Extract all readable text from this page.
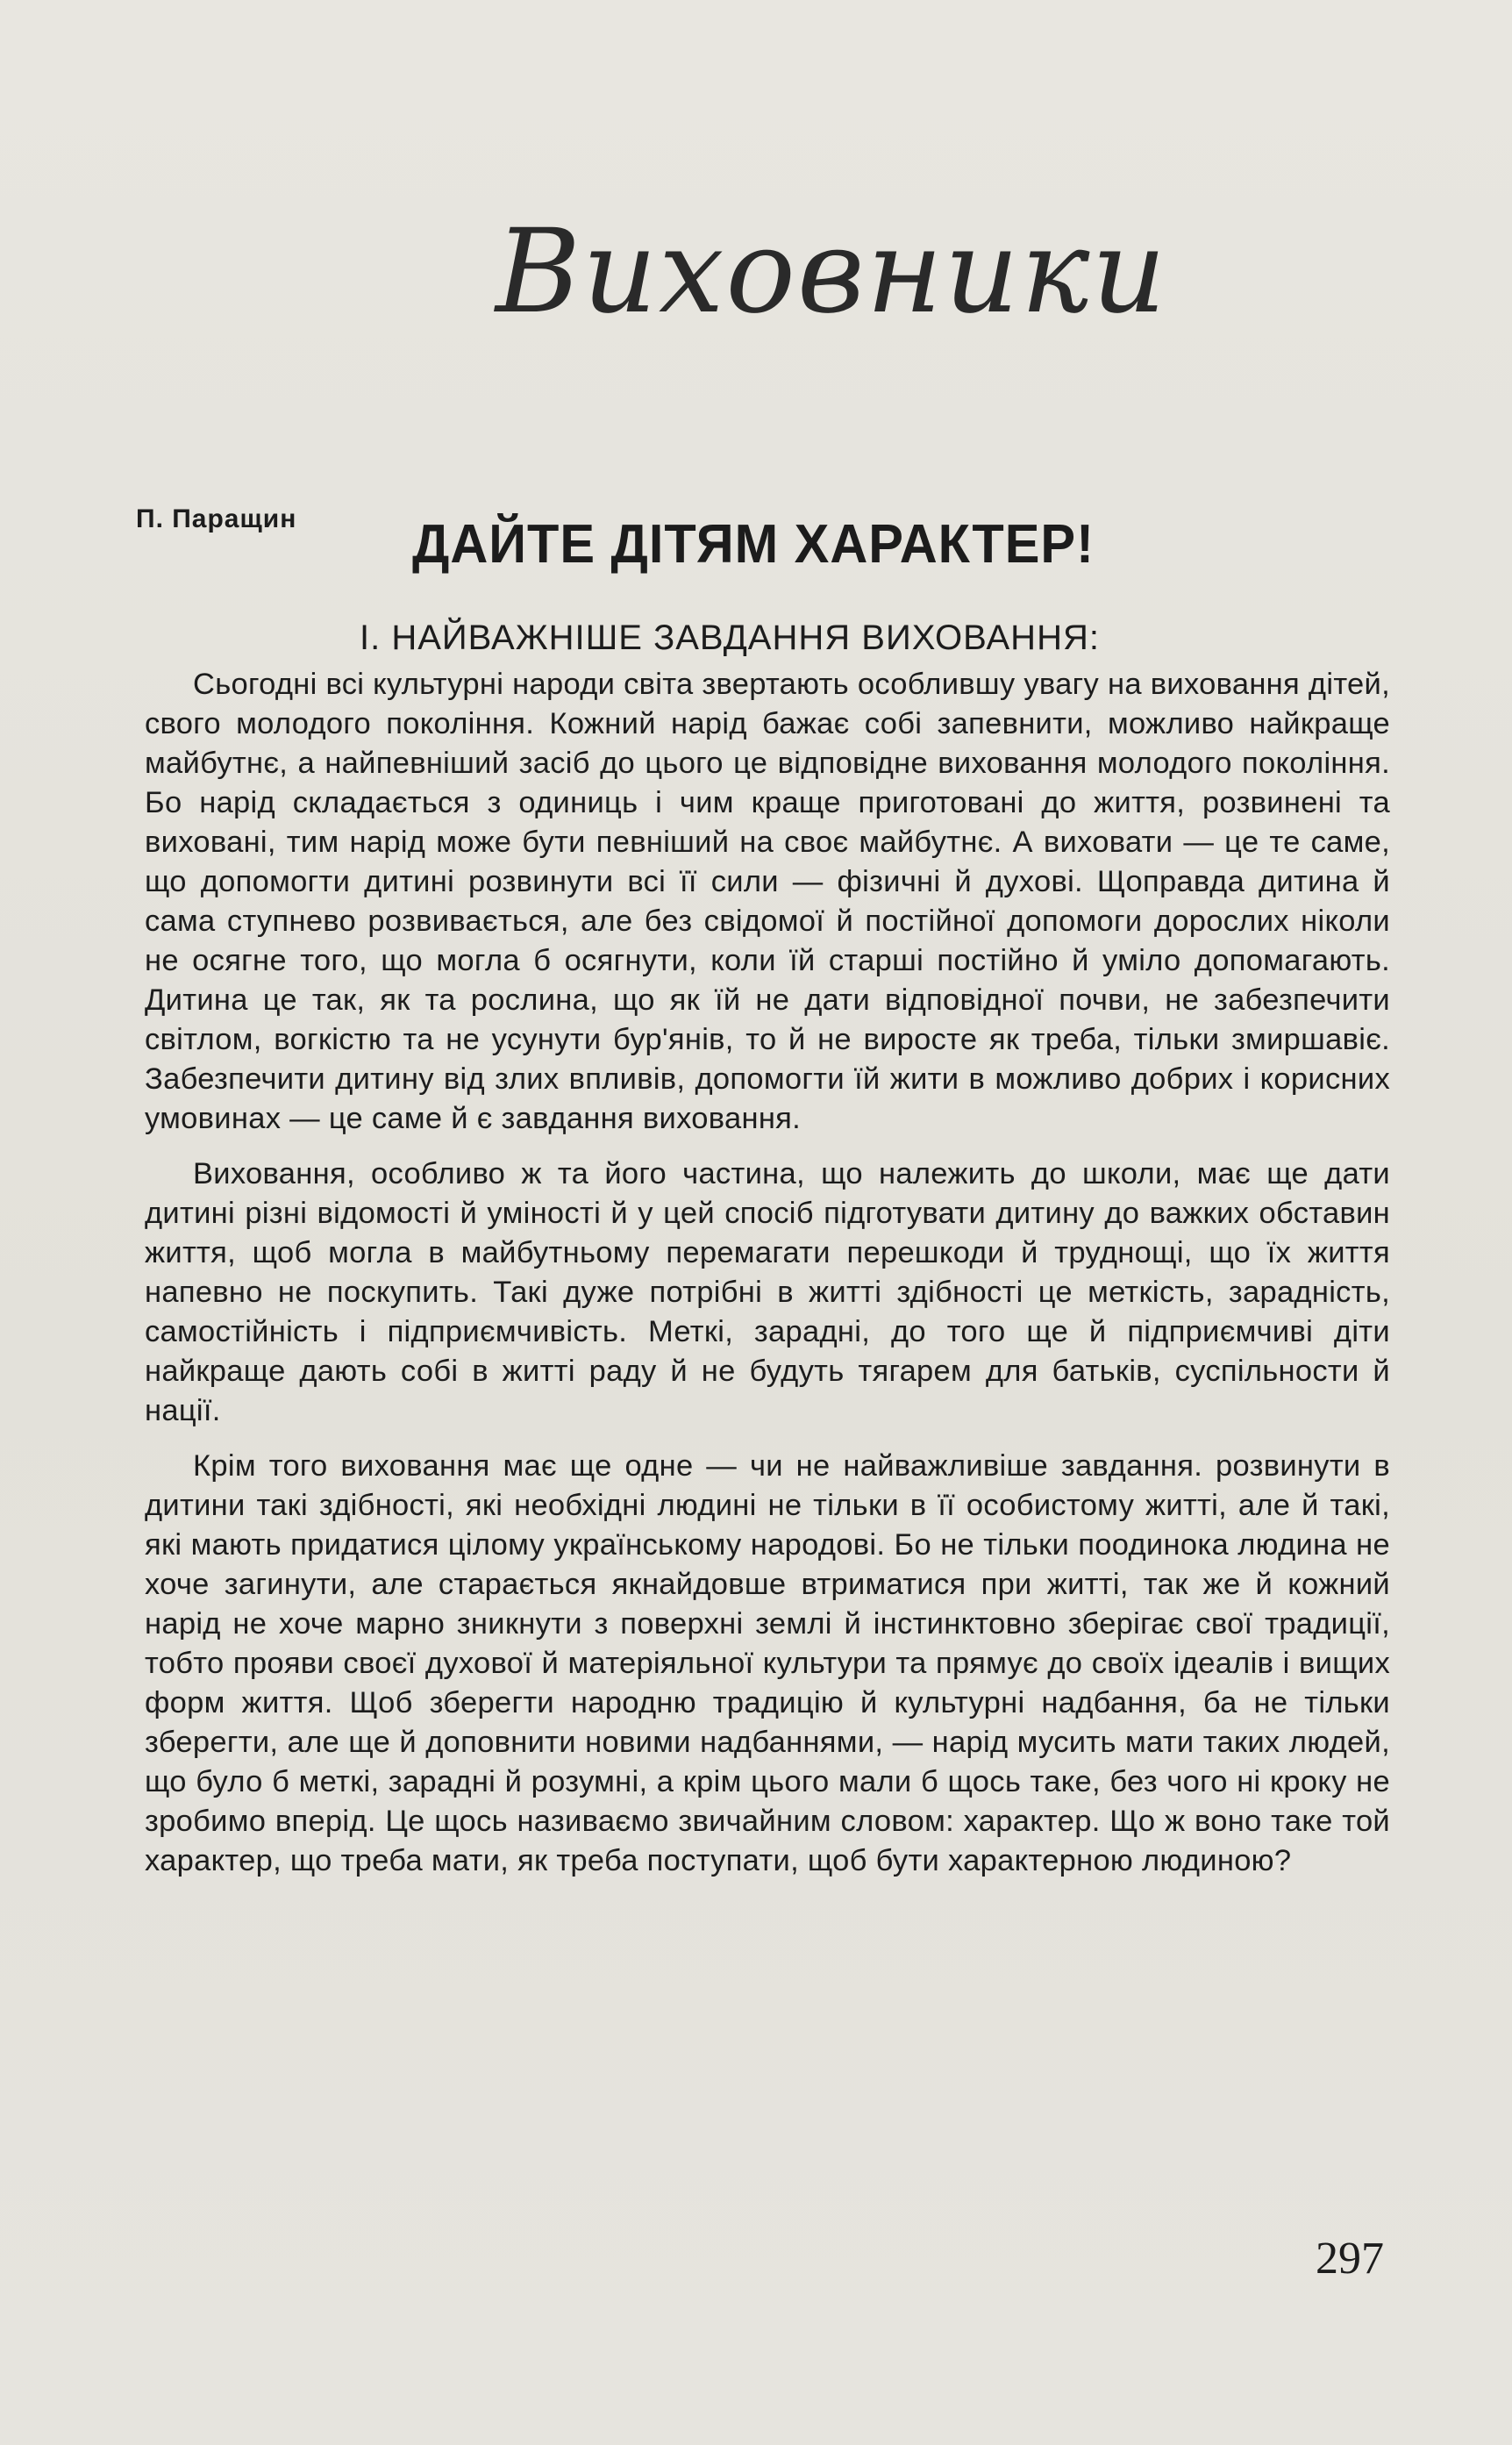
Виховники
П. Паращин ДАЙТЕ ДІТЯМ ХАРАКТЕР!
І. НАЙВАЖНІШЕ ЗАВДАННЯ ВИХОВАННЯ:

Сьогодні всі культурні народи світа звертають особлившу увагу на виховання дітей, свого молодого покоління. Кожний нарід бажає собі запевнити, можливо найкраще майбутнє, а найпевніший засіб до цього це відповідне виховання молодого покоління. Бо нарід складається з одиниць і чим краще приготовані до життя, розвинені та виховані, тим нарід може бути певніший на своє майбутнє. А виховати — це те саме, що допомогти дитині розвинути всі її сили — фізичні й духові. Щоправда дитина й сама ступнево розвивається, але без свідомої й постійної допомоги дорослих ніколи не осягне того, що могла б осягнути, коли їй старші постійно й уміло допомагають. Дитина це так, як та рослина, що як їй не дати відповідної почви, не забезпечити світлом, вогкістю та не усунути бур'янів, то й не виросте як треба, тільки змиршавіє. Забезпечити дитину від злих впливів, допомогти їй жити в можливо добрих і корисних умовинах — це саме й є завдання виховання.

Виховання, особливо ж та його частина, що належить до школи, має ще дати дитині різні відомості й уміності й у цей спосіб підготувати дитину до важких обставин життя, щоб могла в майбутньому перемагати перешкоди й труднощі, що їх життя напевно не поскупить. Такі дуже потрібні в житті здібності це меткість, зарадність, самостійність і підприємчивість. Меткі, зарадні, до того ще й підприємчиві діти найкраще дають собі в житті раду й не будуть тягарем для батьків, суспільности й нації.

Крім того виховання має ще одне — чи не найважливіше завдання. розвинути в дитини такі здібності, які необхідні людині не тільки в її особистому житті, але й такі, які мають придатися цілому українському народові. Бо не тільки поодинока людина не хоче загинути, але старається якнайдовше втриматися при житті, так же й кожний нарід не хоче марно зникнути з поверхні землі й інстинктовно зберігає свої традиції, тобто прояви своєї духової й матеріяльної культури та прямує до своїх ідеалів і вищих форм життя. Щоб зберегти народню традицію й культурні надбання, ба не тільки зберегти, але ще й доповнити новими надбаннями, — нарід мусить мати таких людей, що було б меткі, зарадні й розумні, а крім цього мали б щось таке, без чого ні кроку не зробимо вперід. Це щось називаємо звичайним словом: характер. Що ж воно таке той характер, що треба мати, як треба поступати, щоб бути характерною людиною?

297
